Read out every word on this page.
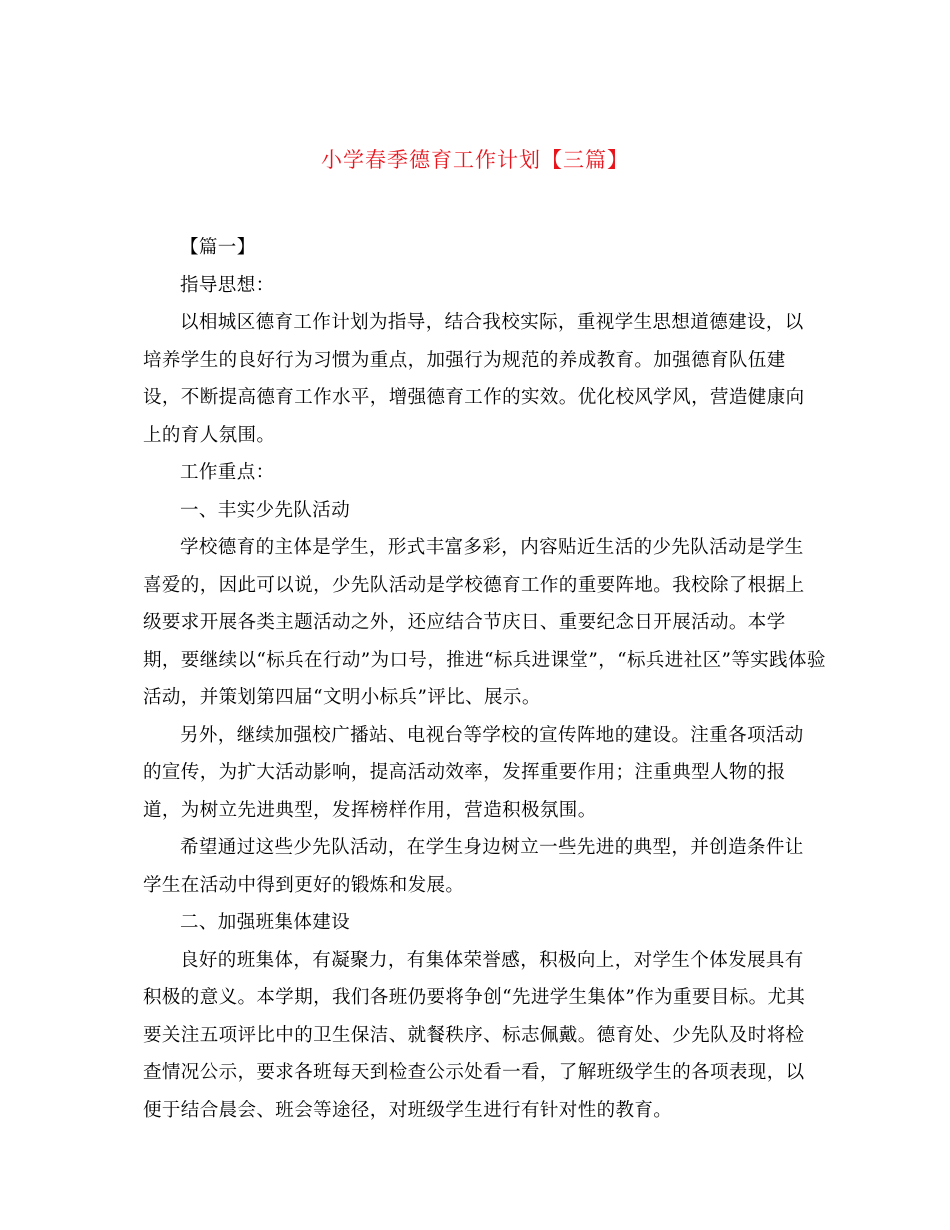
小学春季德育工作计划【三篇】
【篇一】
指导思想：
以相城区德育工作计划为指导，结合我校实际，重视学生思想道德建设，以
培养学生的良好行为习惯为重点，加强行为规范的养成教育。加强德育队伍建
设，不断提高德育工作水平，增强德育工作的实效。优化校风学风，营造健康向
上的育人氛围。
工作重点：
一、丰实少先队活动
学校德育的主体是学生，形式丰富多彩，内容贴近生活的少先队活动是学生
喜爱的，因此可以说，少先队活动是学校德育工作的重要阵地。我校除了根据上
级要求开展各类主题活动之外，还应结合节庆日、重要纪念日开展活动。本学
期，要继续以“标兵在行动”为口号，推进“标兵进课堂”，“标兵进社区”等实践体验
活动，并策划第四届“文明小标兵”评比、展示。
另外，继续加强校广播站、电视台等学校的宣传阵地的建设。注重各项活动
的宣传，为扩大活动影响，提高活动效率，发挥重要作用；注重典型人物的报
道，为树立先进典型，发挥榜样作用，营造积极氛围。
希望通过这些少先队活动，在学生身边树立一些先进的典型，并创造条件让
学生在活动中得到更好的锻炼和发展。
二、加强班集体建设
良好的班集体，有凝聚力，有集体荣誉感，积极向上，对学生个体发展具有
积极的意义。本学期，我们各班仍要将争创“先进学生集体”作为重要目标。尤其
要关注五项评比中的卫生保洁、就餐秩序、标志佩戴。德育处、少先队及时将检
查情况公示，要求各班每天到检查公示处看一看，了解班级学生的各项表现，以
便于结合晨会、班会等途径，对班级学生进行有针对性的教育。
